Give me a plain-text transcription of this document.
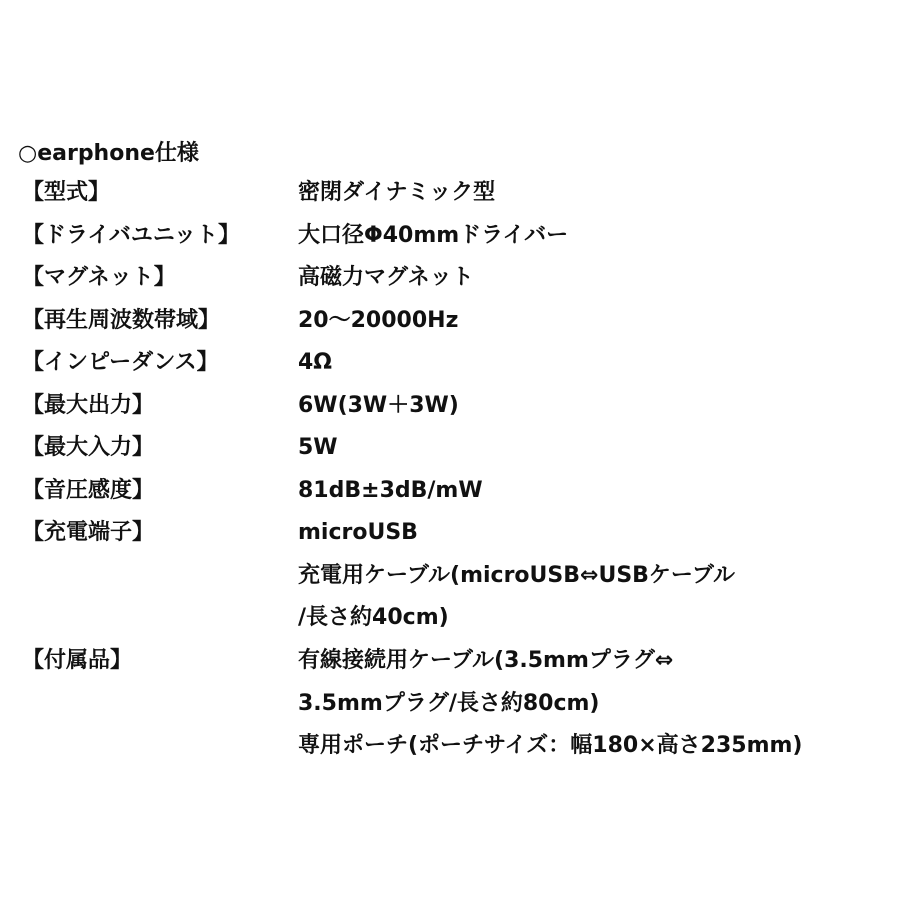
○earphone仕様
【型式】	密閉ダイナミック型
【ドライバユニット】	大口径Φ40mmドライバー
【マグネット】	高磁力マグネット
【再生周波数帯域】	20〜20000Hz
【インピーダンス】	4Ω
【最大出力】	6W(3W＋3W)
【最大入力】	5W
【音圧感度】	81dB±3dB/mW
【充電端子】	microUSB
充電用ケーブル(microUSB⇔USBケーブル
/長さ約40cm)
【付属品】	有線接続用ケーブル(3.5mmプラグ⇔
3.5mmプラグ/長さ約80cm)
専用ポーチ(ポーチサイズ：幅180×高さ235mm)
